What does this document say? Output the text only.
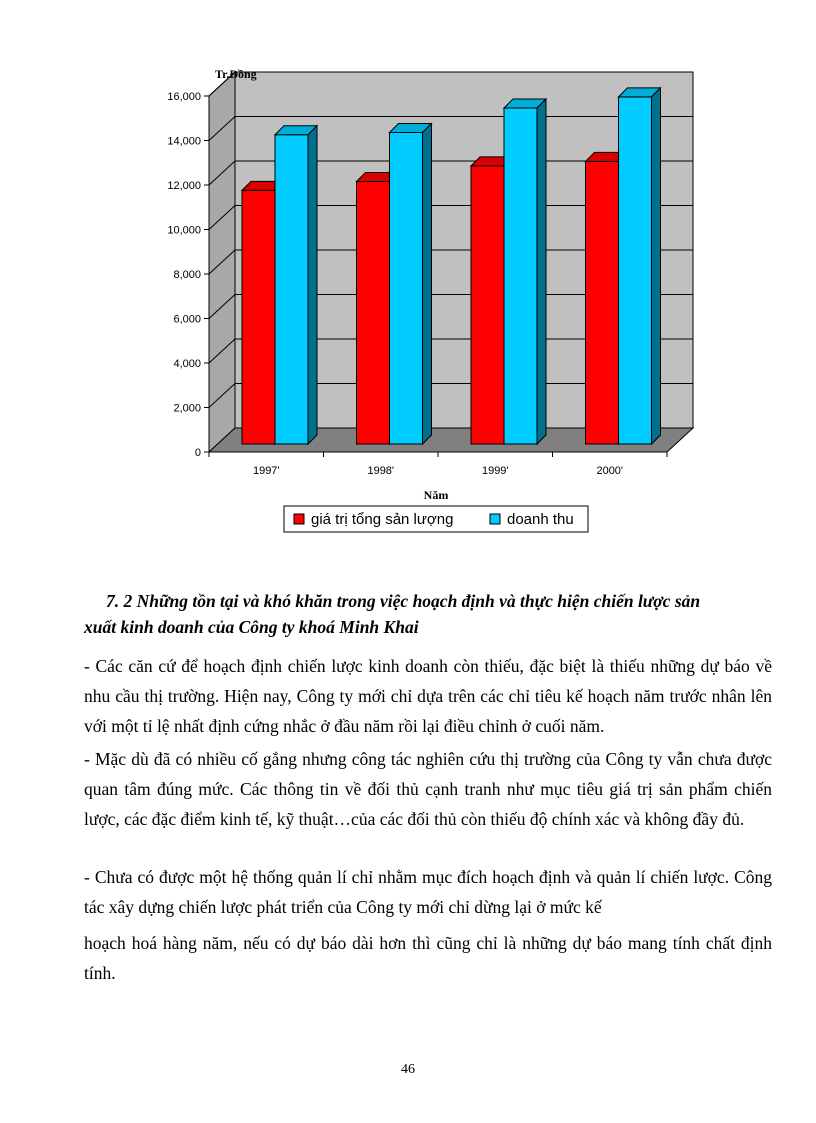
0
2,000
4,000
6,000
8,000
10,000
12,000
14,000
16,000
1997'	1998'	1999'	2000'
Tr.Đồng
Năm
giá trị tổng sản lượng	doanh thu
7. 2 Những tồn tại và khó khăn trong việc hoạch định và thực hiện chiến lược sản
xuất kinh doanh của Công ty khoá Minh Khai

- Các căn cứ để hoạch định chiến lược kinh doanh còn thiếu, đặc biệt là thiếu những dự báo về nhu cầu thị trường. Hiện nay, Công ty mới chỉ dựa trên các chỉ tiêu kế hoạch năm trước nhân lên với một tỉ lệ nhất định cứng nhắc ở đầu năm rồi lại điều chỉnh ở cuối năm.

- Mặc dù đã có nhiều cố gắng nhưng công tác nghiên cứu thị trường của Công ty vẫn chưa được quan tâm đúng mức. Các thông tin về đối thủ cạnh tranh như mục tiêu giá trị sản phẩm chiến lược, các đặc điểm kinh tế, kỹ thuật…của các đối thủ còn thiếu độ chính xác và không đầy đủ.

- Chưa có được một hệ thống quản lí chỉ nhằm mục đích hoạch định và quản lí chiến lược. Công tác xây dựng chiến lược phát triển của Công ty mới chỉ dừng lại ở mức kế

hoạch hoá hàng năm, nếu có dự báo dài hơn thì cũng chỉ là những dự báo mang tính chất định tính.

46
